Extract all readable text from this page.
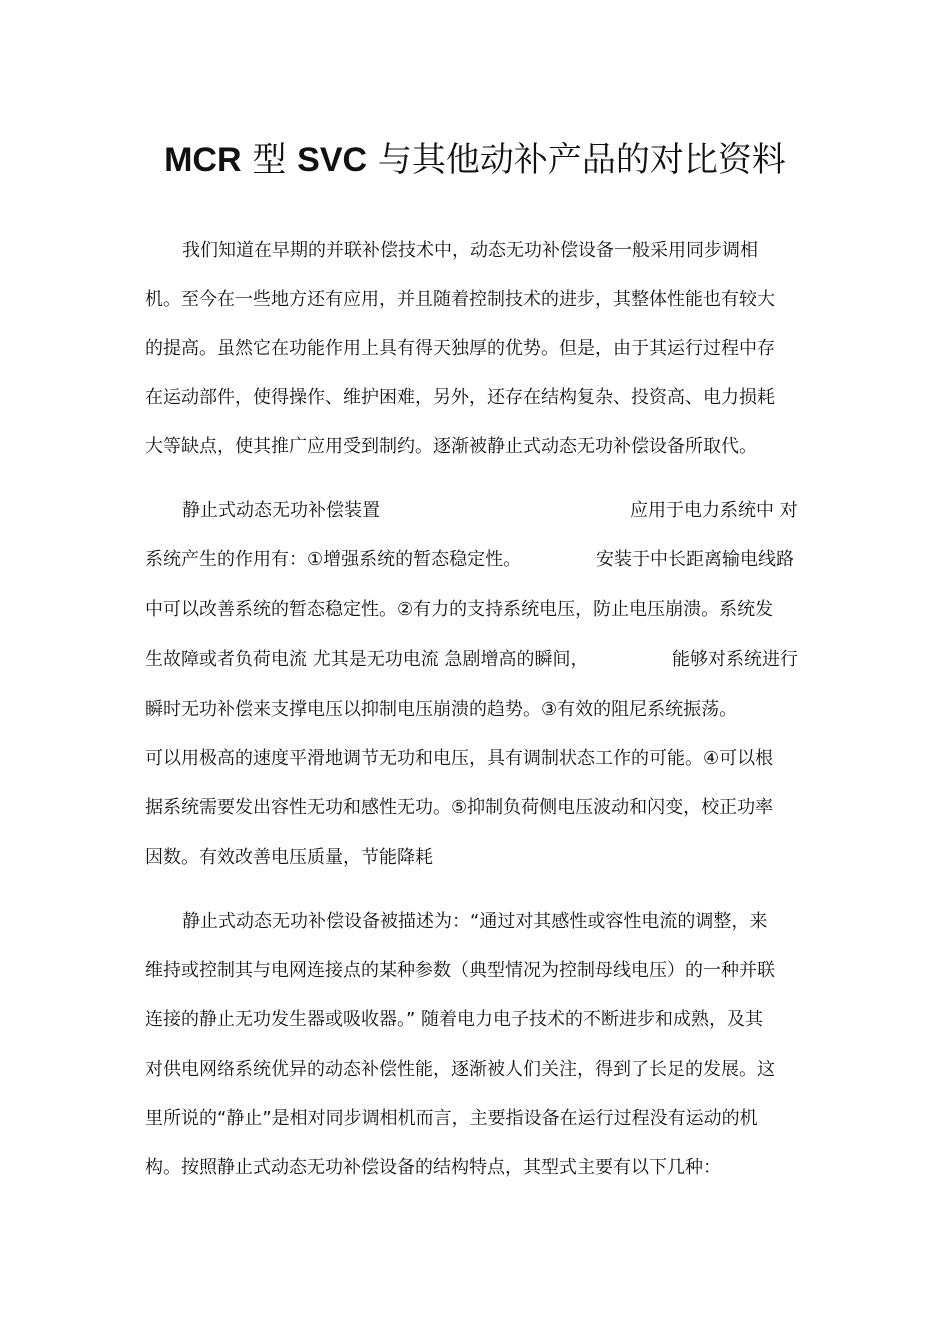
MCR 型 SVC 与其他动补产品的对比资料
我们知道在早期的并联补偿技术中，动态无功补偿设备一般采用同步调相
机。至今在一些地方还有应用，并且随着控制技术的进步，其整体性能也有较大
的提高。虽然它在功能作用上具有得天独厚的优势。但是，由于其运行过程中存
在运动部件，使得操作、维护困难，另外，还存在结构复杂、投资高、电力损耗
大等缺点，使其推广应用受到制约。逐渐被静止式动态无功补偿设备所取代。
静止式动态无功补偿装置	应用于电力系统中 对
系统产生的作用有：①增强系统的暂态稳定性。	安装于中长距离输电线路
中可以改善系统的暂态稳定性。②有力的支持系统电压，防止电压崩溃。系统发
生故障或者负荷电流 尤其是无功电流 急剧增高的瞬间，	能够对系统进行
瞬时无功补偿来支撑电压以抑制电压崩溃的趋势。③有效的阻尼系统振荡。
可以用极高的速度平滑地调节无功和电压，具有调制状态工作的可能。④可以根
据系统需要发出容性无功和感性无功。⑤抑制负荷侧电压波动和闪变，校正功率
因数。有效改善电压质量，节能降耗
静止式动态无功补偿设备被描述为：“通过对其感性或容性电流的调整，来
维持或控制其与电网连接点的某种参数（典型情况为控制母线电压）的一种并联
连接的静止无功发生器或吸收器。” 随着电力电子技术的不断进步和成熟，及其
对供电网络系统优异的动态补偿性能，逐渐被人们关注，得到了长足的发展。这
里所说的“静止”是相对同步调相机而言，主要指设备在运行过程没有运动的机
构。按照静止式动态无功补偿设备的结构特点，其型式主要有以下几种：
